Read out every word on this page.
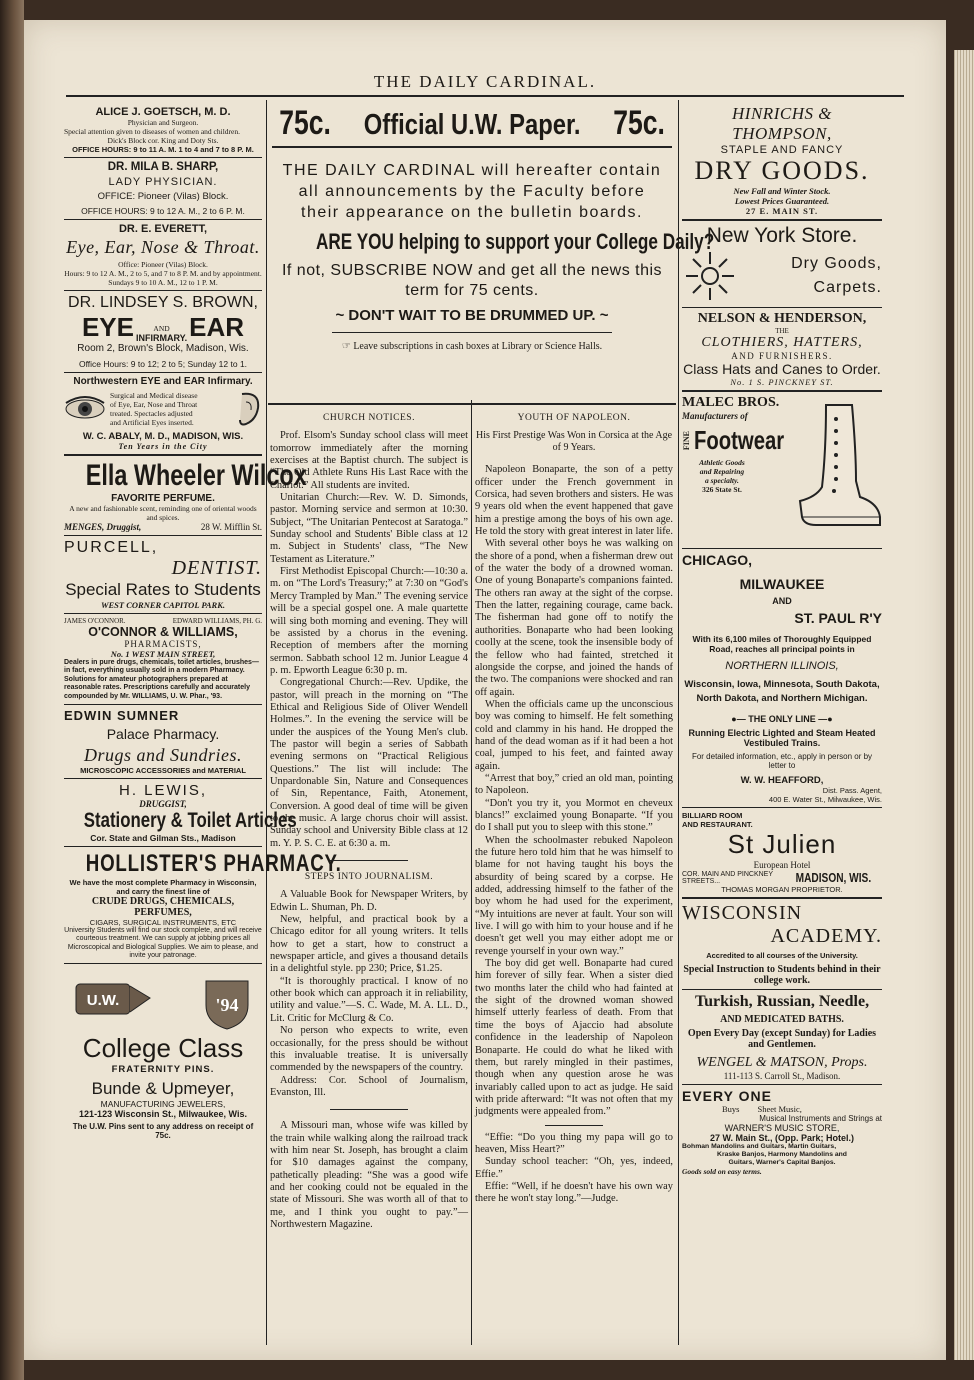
THE DAILY CARDINAL.
ALICE J. GOETSCH, M. D.
Physician and Surgeon.
Special attention given to diseases of women and children.
Dick's Block cor. King and Doty Sts.
OFFICE HOURS: 9 to 11 A. M. 1 to 4 and 7 to 8 P. M.
DR. MILA B. SHARP,
LADY PHYSICIAN.
OFFICE: Pioneer (Vilas) Block.
OFFICE HOURS: 9 to 12 A. M., 2 to 6 P. M.
DR. E. EVERETT,
Eye, Ear, Nose & Throat.
Office: Pioneer (Vilas) Block.
Hours: 9 to 12 A. M., 2 to 5, and 7 to 8 P. M. and by appointment. Sundays 9 to 10 A. M., 12 to 1 P. M.
DR. LINDSEY S. BROWN,
EYE	AND
INFIRMARY. EAR
Room 2, Brown's Block, Madison, Wis.
Office Hours: 9 to 12; 2 to 5; Sunday 12 to 1.
Northwestern EYE and EAR Infirmary.
Surgical and Medical disease
of Eye, Ear, Nose and Throat
treated. Spectacles adjusted
and Artificial Eyes inserted.
W. C. ABALY, M. D., MADISON, WIS.
Ten Years in the City
Ella Wheeler Wilcox
FAVORITE PERFUME.
A new and fashionable scent, reminding one of oriental woods and spices.
MENGES, Druggist,	28 W. Mifflin St.
PURCELL,
DENTIST.
Special Rates to Students
WEST CORNER CAPITOL PARK.
JAMES O'CONNOR.	EDWARD WILLIAMS, PH. G.
O'CONNOR & WILLIAMS,
PHARMACISTS,
No. 1 WEST MAIN STREET,
Dealers in pure drugs, chemicals, toilet articles, brushes—in fact, everything usually sold in a modern Pharmacy. Solutions for amateur photographers prepared at reasonable rates. Prescriptions carefully and accurately compounded by Mr. WILLIAMS, U. W. Phar., '93.
EDWIN SUMNER
Palace Pharmacy.
Drugs and Sundries.
MICROSCOPIC ACCESSORIES and MATERIAL
H. LEWIS,
DRUGGIST,
Stationery & Toilet Articles
Cor. State and Gilman Sts., Madison
HOLLISTER'S PHARMACY.
We have the most complete Pharmacy in Wisconsin, and carry the finest line of
CRUDE DRUGS, CHEMICALS, PERFUMES,
CIGARS, SURGICAL INSTRUMENTS, ETC
University Students will find our stock complete, and will receive courteous treatment. We can supply at jobbing prices all Microscopical and Biological Supplies. We aim to please, and invite your patronage.
U.W.	'94
College Class
FRATERNITY PINS.
Bunde & Upmeyer,
MANUFACTURING JEWELERS,
121-123 Wisconsin St., Milwaukee, Wis.
The U.W. Pins sent to any address on receipt of 75c.
75c. Official U.W. Paper. 75c.
THE DAILY CARDINAL will hereafter contain all announcements by the Faculty before their appearance on the bulletin boards.
ARE YOU helping to support your College Daily?
If not, SUBSCRIBE NOW and get all the news this term for 75 cents.
~ DON'T WAIT TO BE DRUMMED UP. ~
☞ Leave subscriptions in cash boxes at Library or Science Halls.
CHURCH NOTICES.

Prof. Elsom's Sunday school class will meet tomorrow immediately after the morning exercises at the Baptist church. The subject is “The Old Athlete Runs His Last Race with the Chariot.” All students are invited.

Unitarian Church:—Rev. W. D. Simonds, pastor. Morning service and sermon at 10:30. Subject, “The Unitarian Pentecost at Saratoga.” Sunday school and Students' Bible class at 12 m. Subject in Students' class, “The New Testament as Literature.”

First Methodist Episcopal Church:—10:30 a. m. on “The Lord's Treasury;” at 7:30 on “God's Mercy Trampled by Man.” The evening service will be a special gospel one. A male quartette will sing both morning and evening. They will be assisted by a chorus in the evening. Reception of members after the morning sermon. Sabbath school 12 m. Junior League 4 p. m. Epworth League 6:30 p. m.

Congregational Church:—Rev. Updike, the pastor, will preach in the morning on “The Ethical and Religious Side of Oliver Wendell Holmes.”. In the evening the service will be under the auspices of the Young Men's club. The pastor will begin a series of Sabbath evening sermons on “Practical Religious Questions.” The list will include: The Unpardonable Sin, Nature and Consequences of Sin, Repentance, Faith, Atonement, Conversion. A good deal of time will be given to the music. A large chorus choir will assist. Sunday school and University Bible class at 12 m. Y. P. S. C. E. at 6:30 a. m.

STEPS INTO JOURNALISM.

A Valuable Book for Newspaper Writers, by Edwin L. Shuman, Ph. D.

New, helpful, and practical book by a Chicago editor for all young writers. It tells how to get a start, how to construct a newspaper article, and gives a thousand details in a delightful style. pp 230; Price, $1.25.

“It is thoroughly practical. I know of no other book which can approach it in reliability, utility and value.”—S. C. Wade, M. A. LL. D., Lit. Critic for McClurg & Co.

No person who expects to write, even occasionally, for the press should be without this invaluable treatise. It is universally commended by the newspapers of the country.

Address: Cor. School of Journalism, Evanston, Ill.

A Missouri man, whose wife was killed by the train while walking along the railroad track with him near St. Joseph, has brought a claim for $10 damages against the company, pathetically pleading: “She was a good wife and her cooking could not be equaled in the state of Missouri. She was worth all of that to me, and I think you ought to pay.”—Northwestern Magazine.

YOUTH OF NAPOLEON.
His First Prestige Was Won in Corsica at the Age of 9 Years.

Napoleon Bonaparte, the son of a petty officer under the French government in Corsica, had seven brothers and sisters. He was 9 years old when the event happened that gave him a prestige among the boys of his own age. He told the story with great interest in later life.

With several other boys he was walking on the shore of a pond, when a fisherman drew out of the water the body of a drowned woman. One of young Bonaparte's companions fainted. The others ran away at the sight of the corpse. Then the latter, regaining courage, came back. The fisherman had gone off to notify the authorities. Bonaparte who had been looking coolly at the scene, took the insensible body of the fellow who had fainted, stretched it alongside the corpse, and joined the hands of the two. The companions were shocked and ran off again.

When the officials came up the unconscious boy was coming to himself. He felt something cold and clammy in his hand. He dropped the hand of the dead woman as if it had been a hot coal, jumped to his feet, and fainted away again.

“Arrest that boy,” cried an old man, pointing to Napoleon.

“Don't you try it, you Mormot en cheveux blancs!” exclaimed young Bonaparte. “If you do I shall put you to sleep with this stone.”

When the schoolmaster rebuked Napoleon the future hero told him that he was himself to blame for not having taught his boys the absurdity of being scared by a corpse. He added, addressing himself to the father of the boy whom he had used for the experiment, “My intuitions are never at fault. Your son will live. I will go with him to your house and if he doesn't get well you may either adopt me or revenge yourself in your own way.”

The boy did get well. Bonaparte had cured him forever of silly fear. When a sister died two months later the child who had fainted at the sight of the drowned woman showed himself utterly fearless of death. From that time the boys of Ajaccio had absolute confidence in the leadership of Napoleon Bonaparte. He could do what he liked with them, but rarely mingled in their pastimes, though when any question arose he was invariably called upon to act as judge. He said with pride afterward: “It was not often that my judgments were appealed from.”

“Effie: “Do you thing my papa will go to heaven, Miss Heart?”

Sunday school teacher: “Oh, yes, indeed, Effie.”

Effie: “Well, if he doesn't have his own way there he won't stay long.”—Judge.

HINRICHS & THOMPSON,
STAPLE AND FANCY
DRY GOODS.
New Fall and Winter Stock.
Lowest Prices Guaranteed.
27 E. MAIN ST.
New York Store.
Dry Goods,
Carpets.
NELSON & HENDERSON,
THE
CLOTHIERS, HATTERS,
AND FURNISHERS.
Class Hats and Canes to Order.
No. 1 S. PINCKNEY ST.
MALEC BROS.
Manufacturers of
FINE Footwear
Athletic Goods
and Repairing
a specialty.
326 State St.
CHICAGO,
MILWAUKEE
AND
ST. PAUL R'Y
With its 6,100 miles of Thoroughly Equipped Road, reaches all principal points in
NORTHERN ILLINOIS,
Wisconsin, Iowa, Minnesota, South Dakota, North Dakota, and Northern Michigan.
●— THE ONLY LINE —●
Running Electric Lighted and Steam Heated Vestibuled Trains.
For detailed information, etc., apply in person or by letter to
W. W. HEAFFORD,
Dist. Pass. Agent,
400 E. Water St., Milwaukee, Wis.
BILLIARD ROOM
AND RESTAURANT.
St Julien
European Hotel
COR. MAIN AND PINCKNEY STREETS...	MADISON, WIS.
THOMAS MORGAN PROPRIETOR.
WISCONSIN
ACADEMY.
Accredited to all courses of the University.
Special Instruction to Students behind in their college work.
Turkish, Russian, Needle,
AND MEDICATED BATHS.
Open Every Day (except Sunday) for Ladies and Gentlemen.
WENGEL & MATSON, Props.
111-113 S. Carroll St., Madison.
EVERY ONE
Buys Sheet Music,
Musical Instruments and Strings at
WARNER'S MUSIC STORE,
27 W. Main St., (Opp. Park; Hotel.)
Bohman Mandolins and Guitars, Martin Guitars,
Kraske Banjos, Harmony Mandolins and
Guitars, Warner's Capital Banjos.
Goods sold on easy terms.
